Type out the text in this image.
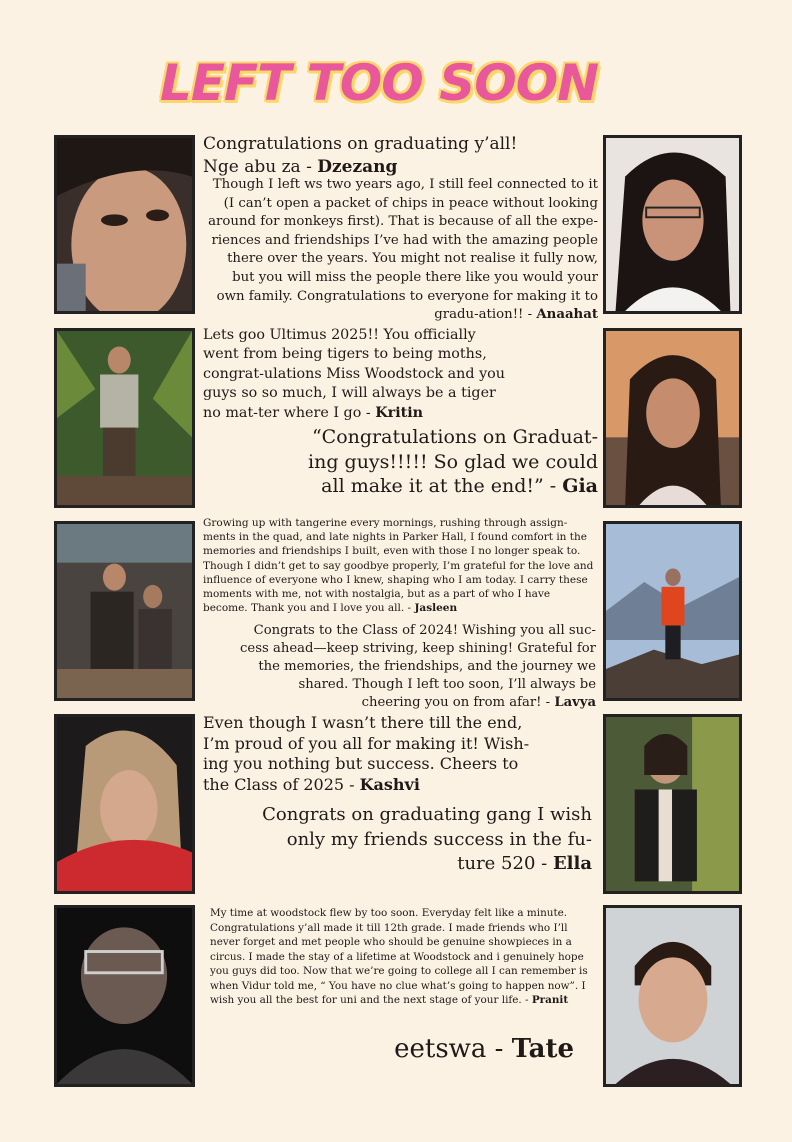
LEFT TOO SOON
Congratulations on graduating y’all! Nge abu za - Dzezang
Though I left ws two years ago, I still feel connected to it (I can’t open a packet of chips in peace without looking around for monkeys first). That is because of all the expe-riences and friendships I’ve had with the amazing people there over the years. You might not realise it fully now, but you will miss the people there like you would your own family. Congratulations to everyone for making it to gradu-ation!! - Anaahat
Lets goo Ultimus 2025!! You officially went from being tigers to being moths, congrat-ulations Miss Woodstock and you guys so so much, I will always be a tiger no mat-ter where I go - Kritin
“Congratulations on Graduat-ing guys!!!!! So glad we could all make it at the end!” - Gia
Growing up with tangerine every mornings, rushing through assign-ments in the quad, and late nights in Parker Hall, I found comfort in the memories and friendships I built, even with those I no longer speak to. Though I didn’t get to say goodbye properly, I’m grateful for the love and influence of everyone who I knew, shaping who I am today. I carry these moments with me, not with nostalgia, but as a part of who I have become. Thank you and I love you all. - Jasleen
Congrats to the Class of 2024! Wishing you all suc-cess ahead—keep striving, keep shining! Grateful for the memories, the friendships, and the journey we shared. Though I left too soon, I’ll always be cheering you on from afar! - Lavya
Even though I wasn’t there till the end, I’m proud of you all for making it! Wish-ing you nothing but success. Cheers to the Class of 2025 - Kashvi
Congrats on graduating gang I wish only my friends success in the fu-ture 520 - Ella
My time at woodstock flew by too soon. Everyday felt like a minute. Congratulations y’all made it till 12th grade. I made friends who I’ll never forget and met people who should be genuine showpieces in a circus. I made the stay of a lifetime at Woodstock and i genuinely hope you guys did too. Now that we’re going to college all I can remember is when Vidur told me, “ You have no clue what’s going to happen now”. I wish you all the best for uni and the next stage of your life. - Pranit
eetswa - Tate
